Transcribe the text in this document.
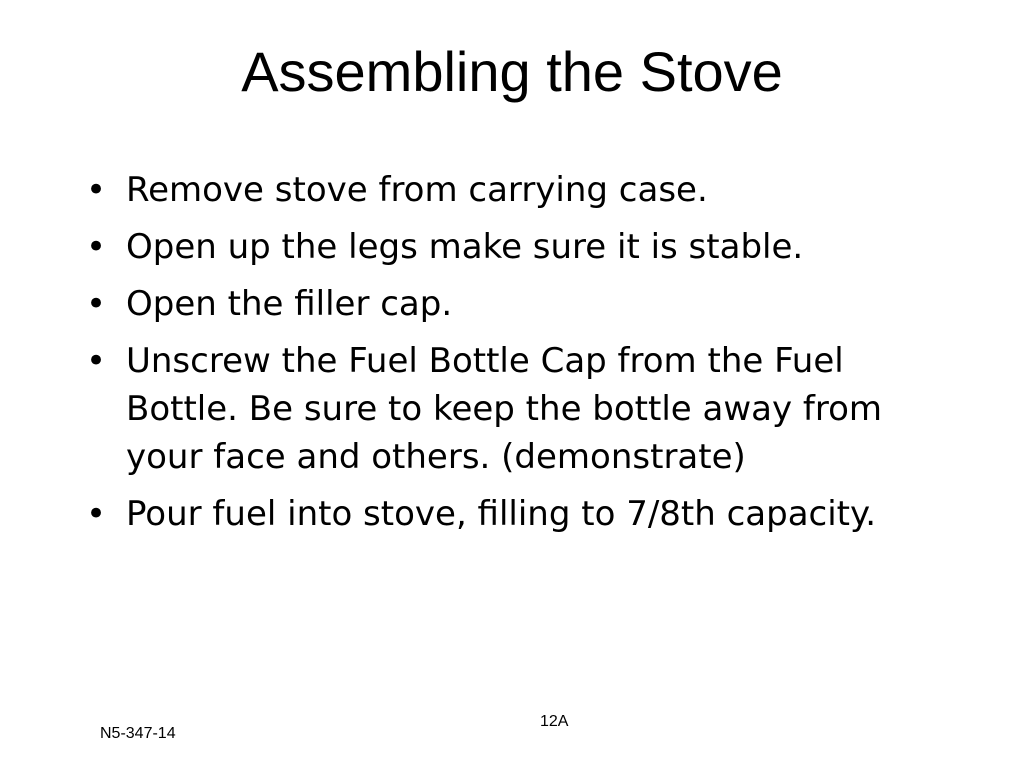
Assembling the Stove
• Remove stove from carrying case.
• Open up the legs make sure it is stable.
• Open the filler cap.
• Unscrew the Fuel Bottle Cap from the Fuel Bottle. Be sure to keep the bottle away from your face and others. (demonstrate)
• Pour fuel into stove, filling to 7/8th capacity.
N5-347-14
12A
